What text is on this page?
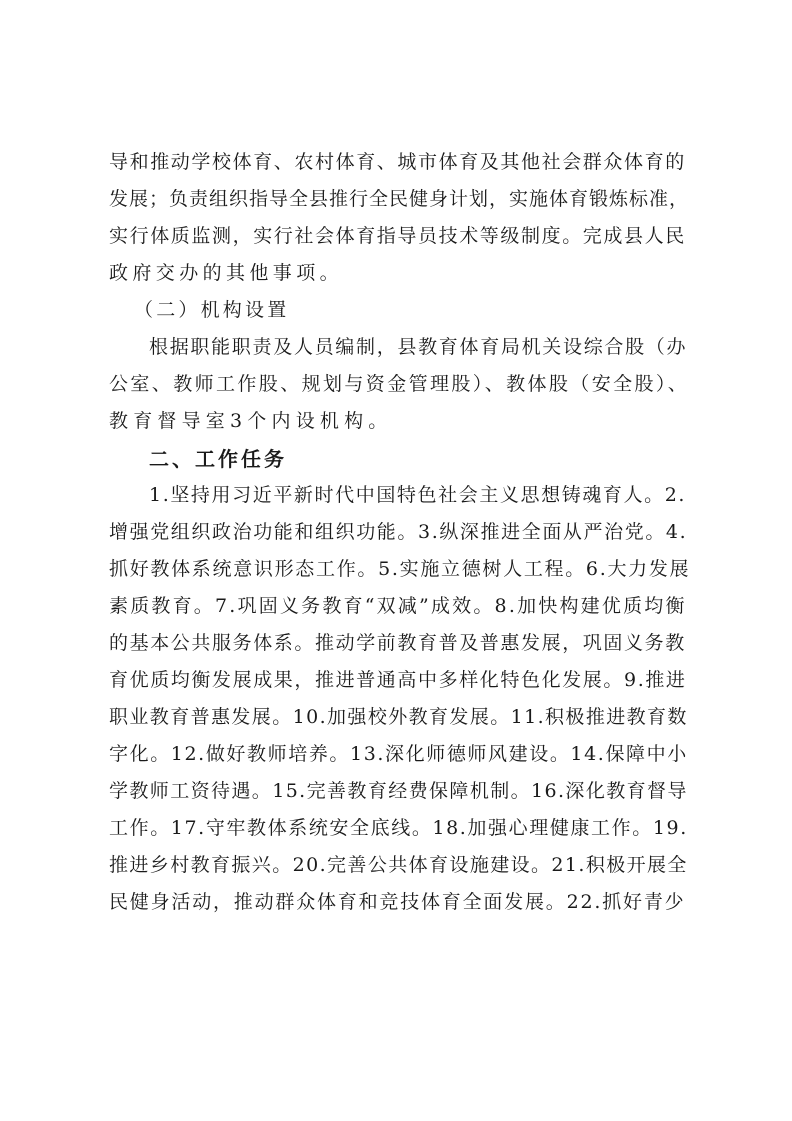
导和推动学校体育、农村体育、城市体育及其他社会群众体育的
发展；负责组织指导全县推行全民健身计划，实施体育锻炼标准，
实行体质监测，实行社会体育指导员技术等级制度。完成县人民
政府交办的其他事项。
（二）机构设置
根据职能职责及人员编制，县教育体育局机关设综合股（办
公室、教师工作股、规划与资金管理股）、教体股（安全股）、
教育督导室3个内设机构。
二、工作任务
1.坚持用习近平新时代中国特色社会主义思想铸魂育人。2.
增强党组织政治功能和组织功能。3.纵深推进全面从严治党。4.
抓好教体系统意识形态工作。5.实施立德树人工程。6.大力发展
素质教育。7.巩固义务教育“双减”成效。8.加快构建优质均衡
的基本公共服务体系。推动学前教育普及普惠发展，巩固义务教
育优质均衡发展成果，推进普通高中多样化特色化发展。9.推进
职业教育普惠发展。10.加强校外教育发展。11.积极推进教育数
字化。12.做好教师培养。13.深化师德师风建设。14.保障中小
学教师工资待遇。15.完善教育经费保障机制。16.深化教育督导
工作。17.守牢教体系统安全底线。18.加强心理健康工作。19.
推进乡村教育振兴。20.完善公共体育设施建设。21.积极开展全
民健身活动，推动群众体育和竞技体育全面发展。22.抓好青少
